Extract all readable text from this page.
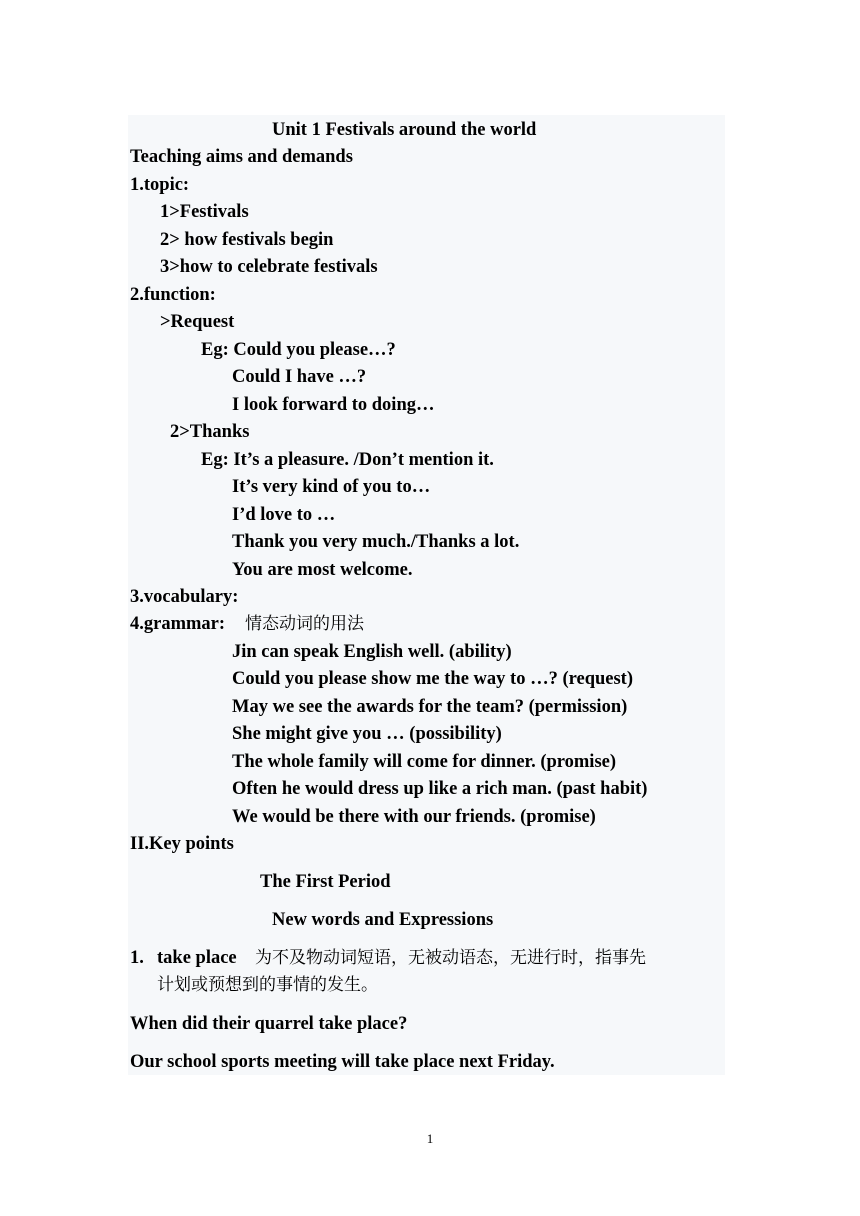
Unit 1 Festivals around the world
Teaching aims and demands
1.topic:
1>Festivals
2> how festivals begin
3>how to celebrate festivals
2.function:
>Request
Eg: Could you please…?
Could I have …?
I look forward to doing…
2>Thanks
Eg: It’s a pleasure. /Don’t mention it.
It’s very kind of you to…
I’d love to …
Thank you very much./Thanks a lot.
You are most welcome.
3.vocabulary:
4.grammar: 情态动词的用法
Jin can speak English well. (ability)
Could you please show me the way to …? (request)
May we see the awards for the team? (permission)
She might give you … (possibility)
The whole family will come for dinner. (promise)
Often he would dress up like a rich man. (past habit)
We would be there with our friends. (promise)
II.Key points
The First Period
New words and Expressions
1. take place 为不及物动词短语，无被动语态，无进行时，指事先
计划或预想到的事情的发生。
When did their quarrel take place?
Our school sports meeting will take place next Friday.
1
